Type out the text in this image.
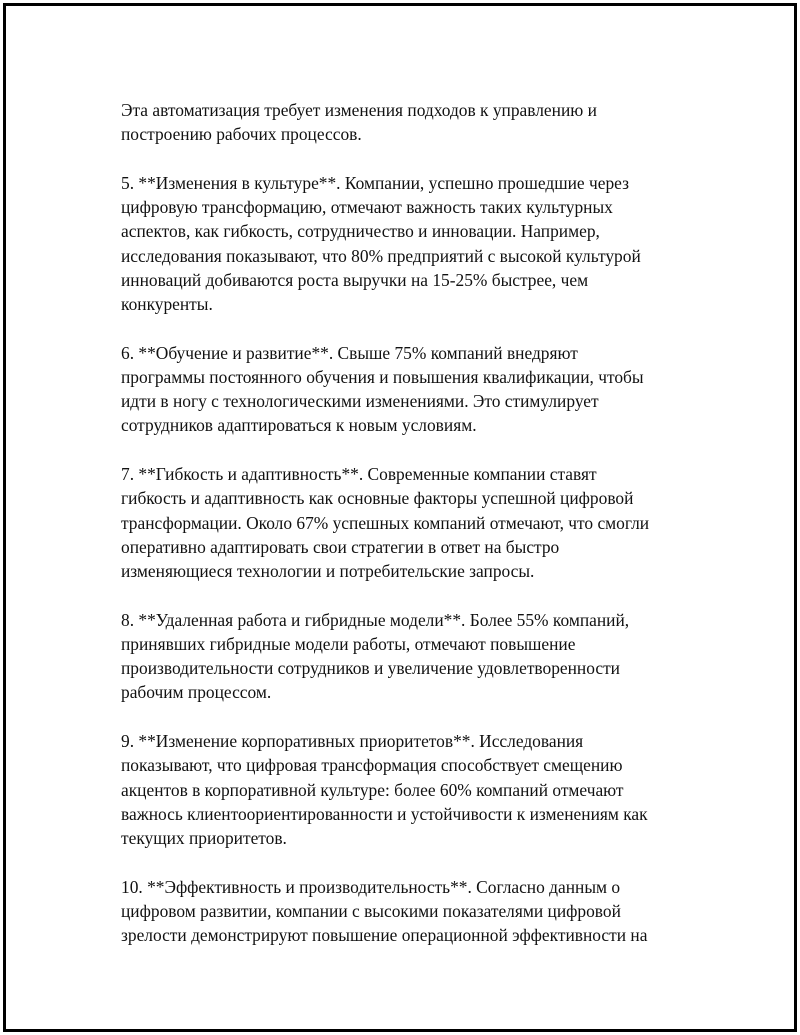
Эта автоматизация требует изменения подходов к управлению и
построению рабочих процессов.

5. **Изменения в культуре**. Компании, успешно прошедшие через
цифровую трансформацию, отмечают важность таких культурных
аспектов, как гибкость, сотрудничество и инновации. Например,
исследования показывают, что 80% предприятий с высокой культурой
инноваций добиваются роста выручки на 15-25% быстрее, чем
конкуренты.

6. **Обучение и развитие**. Свыше 75% компаний внедряют
программы постоянного обучения и повышения квалификации, чтобы
идти в ногу с технологическими изменениями. Это стимулирует
сотрудников адаптироваться к новым условиям.

7. **Гибкость и адаптивность**. Современные компании ставят
гибкость и адаптивность как основные факторы успешной цифровой
трансформации. Около 67% успешных компаний отмечают, что смогли
оперативно адаптировать свои стратегии в ответ на быстро
изменяющиеся технологии и потребительские запросы.

8. **Удаленная работа и гибридные модели**. Более 55% компаний,
принявших гибридные модели работы, отмечают повышение
производительности сотрудников и увеличение удовлетворенности
рабочим процессом.

9. **Изменение корпоративных приоритетов**. Исследования
показывают, что цифровая трансформация способствует смещению
акцентов в корпоративной культуре: более 60% компаний отмечают
важнось клиентоориентированности и устойчивости к изменениям как
текущих приоритетов.

10. **Эффективность и производительность**. Согласно данным о
цифровом развитии, компании с высокими показателями цифровой
зрелости демонстрируют повышение операционной эффективности на
